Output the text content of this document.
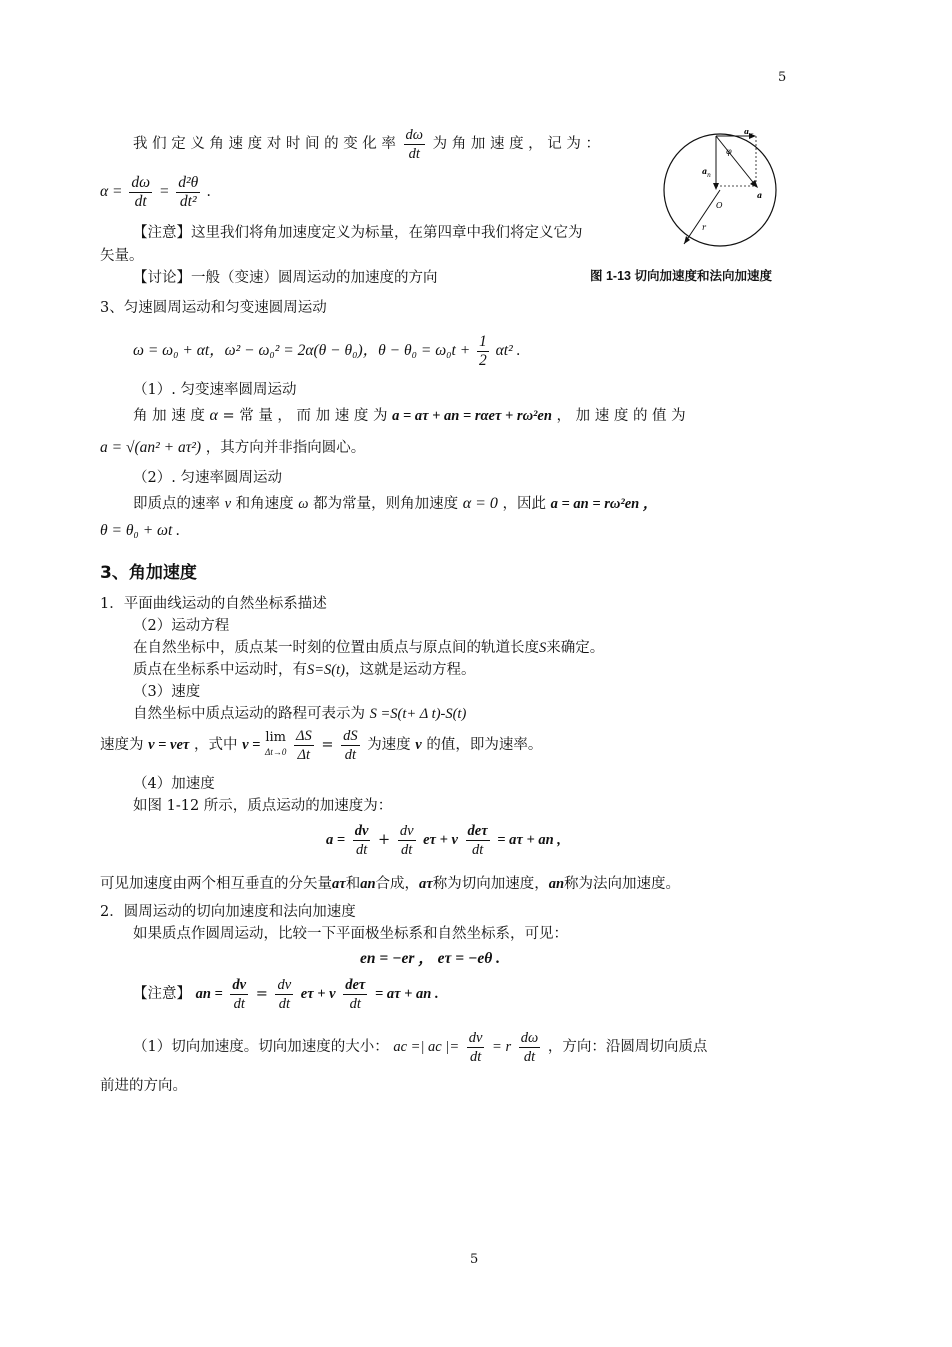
5
a τ
a n
a
φ
O
r
图 1-13 切向加速度和法向加速度
我 们 定 义 角 速 度 对 时 间 的 变 化 率 $\frac{d\omega}{dt}$ 为 角 加 速 度 ， 记 为 ：
$\alpha = \frac{d\omega}{dt} = \frac{\text{d²θ}}{\text{dt²}}$ .
【注意】这里我们将角加速度定义为标量，在第四章中我们将定义它为
矢量。
【讨论】一般（变速）圆周运动的加速度的方向
3、匀速圆周运动和匀变速圆周运动
ω = ω₀ + αt，ω² − ω₀² = 2α(θ − θ₀)，$\theta - \theta_0 = \omega_0t + \frac{1}{2} \alpha t^2$ .
（1）. 匀变速率圆周运动
角 加 速 度 α = 常 量 ， 而 加 速 度 为 a = aτ + an = rαeτ + rω²en ， 加 速 度 的 值 为
a = √(an² + aτ²) ，其方向并非指向圆心。
（2）. 匀速率圆周运动
即质点的速率 v 和角速度 ω 都为常量，则角加速度 α = 0 ，因此 a = an = rω²en ，
θ = θ₀ + ωt .
3、角加速度
1．平面曲线运动的自然坐标系描述
（2）运动方程
在自然坐标中，质点某一时刻的位置由质点与原点间的轨道长度S来确定。
质点在坐标系中运动时，有S=S(t)，这就是运动方程。
（3）速度
自然坐标中质点运动的路程可表示为 S =S(t+ Δ t)-S(t)
速度为 v = veτ ，式中 v = lim
Δt→0
$\frac{\Delta S}{\Delta t} = \frac{dS}{dt}$ 为速度 v 的值，即为速率。
（4）加速度
如图 1-12 所示，质点运动的加速度为：
$a = \frac{dv}{dt} + \frac{dv}{dt}$ eτ + v $\frac{\text{deτ}}{dt} = a\tau$ + an ,
可见加速度由两个相互垂直的分矢量aτ和an合成，aτ称为切向加速度，an称为法向加速度。
2．圆周运动的切向加速度和法向加速度
如果质点作圆周运动，比较一下平面极坐标系和自然坐标系，可见：
en = −er ， eτ = −eθ .
【注意】 an = $\frac{dv}{dt} = \frac{dv}{dt}$ eτ + v $\frac{\text{deτ}}{dt} = a\tau$ + an .
（1）切向加速度。切向加速度的大小： ac =| ac |= $\frac{dv}{dt} = r \frac{d\omega}{dt}$ ，方向：沿圆周切向质点
前进的方向。
5
